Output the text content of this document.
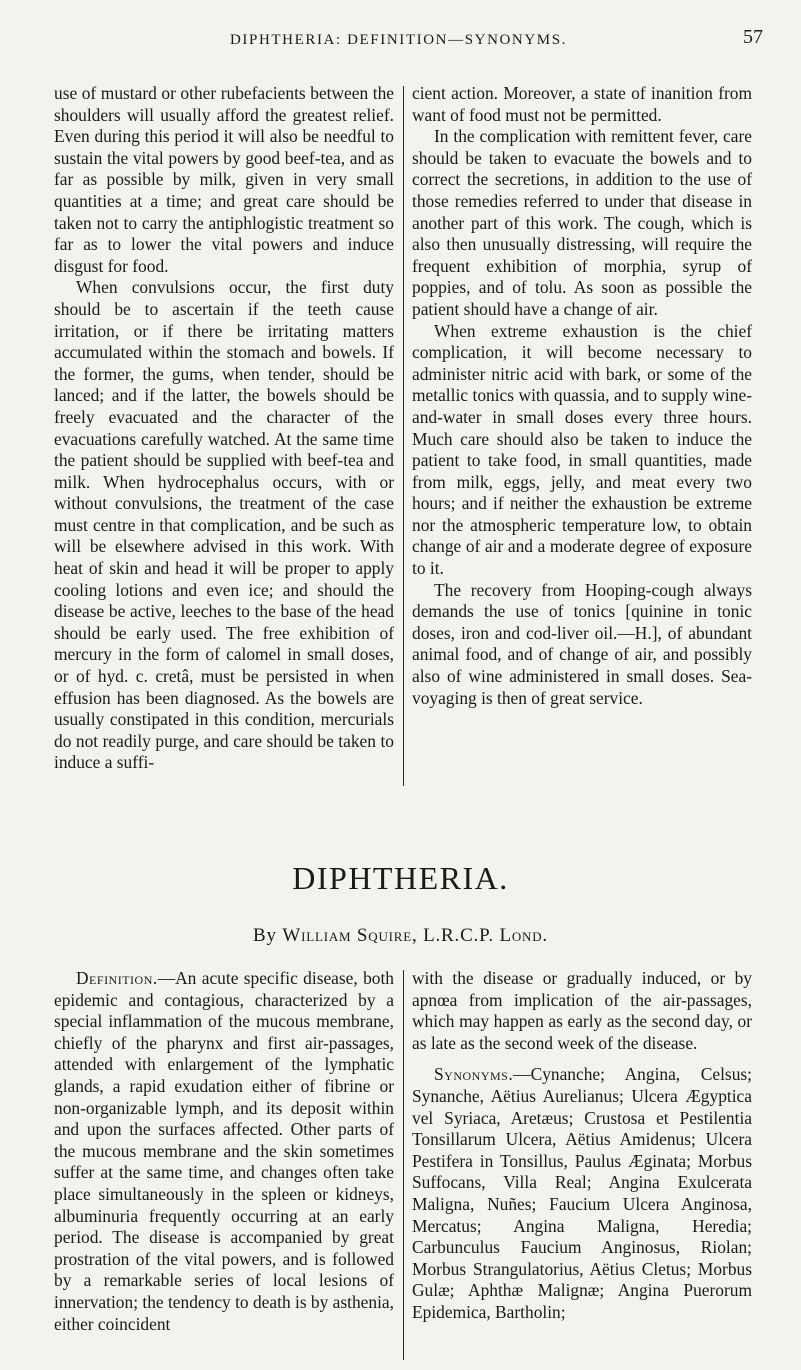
DIPHTHERIA: DEFINITION—SYNONYMS.	57

use of mustard or other rubefacients between the shoulders will usually afford the greatest relief. Even during this period it will also be needful to sustain the vital powers by good beef-tea, and as far as possible by milk, given in very small quantities at a time; and great care should be taken not to carry the antiphlogistic treatment so far as to lower the vital powers and induce disgust for food.

When convulsions occur, the first duty should be to ascertain if the teeth cause irritation, or if there be irritating matters accumulated within the stomach and bowels. If the former, the gums, when tender, should be lanced; and if the latter, the bowels should be freely evacuated and the character of the evacuations carefully watched. At the same time the patient should be supplied with beef-tea and milk. When hydrocephalus occurs, with or without convulsions, the treatment of the case must centre in that complication, and be such as will be elsewhere advised in this work. With heat of skin and head it will be proper to apply cooling lotions and even ice; and should the disease be active, leeches to the base of the head should be early used. The free exhibition of mercury in the form of calomel in small doses, or of hyd. c. cretâ, must be persisted in when effusion has been diagnosed. As the bowels are usually constipated in this condition, mercurials do not readily purge, and care should be taken to induce a suffi-

cient action. Moreover, a state of inanition from want of food must not be permitted.

In the complication with remittent fever, care should be taken to evacuate the bowels and to correct the secretions, in addition to the use of those remedies referred to under that disease in another part of this work. The cough, which is also then unusually distressing, will require the frequent exhibition of morphia, syrup of poppies, and of tolu. As soon as possible the patient should have a change of air.

When extreme exhaustion is the chief complication, it will become necessary to administer nitric acid with bark, or some of the metallic tonics with quassia, and to supply wine-and-water in small doses every three hours. Much care should also be taken to induce the patient to take food, in small quantities, made from milk, eggs, jelly, and meat every two hours; and if neither the exhaustion be extreme nor the atmospheric temperature low, to obtain change of air and a moderate degree of exposure to it.

The recovery from Hooping-cough always demands the use of tonics [quinine in tonic doses, iron and cod-liver oil.—H.], of abundant animal food, and of change of air, and possibly also of wine administered in small doses. Sea-voyaging is then of great service.

DIPHTHERIA.
By William Squire, L.R.C.P. Lond.

Definition.—An acute specific disease, both epidemic and contagious, characterized by a special inflammation of the mucous membrane, chiefly of the pharynx and first air-passages, attended with enlargement of the lymphatic glands, a rapid exudation either of fibrine or non-organizable lymph, and its deposit within and upon the surfaces affected. Other parts of the mucous membrane and the skin sometimes suffer at the same time, and changes often take place simultaneously in the spleen or kidneys, albuminuria frequently occurring at an early period. The disease is accompanied by great prostration of the vital powers, and is followed by a remarkable series of local lesions of innervation; the tendency to death is by asthenia, either coincident

with the disease or gradually induced, or by apnœa from implication of the air-passages, which may happen as early as the second day, or as late as the second week of the disease.

Synonyms.—Cynanche; Angina, Celsus; Synanche, Aëtius Aurelianus; Ulcera Ægyptica vel Syriaca, Aretæus; Crustosa et Pestilentia Tonsillarum Ulcera, Aëtius Amidenus; Ulcera Pestifera in Tonsillus, Paulus Æginata; Morbus Suffocans, Villa Real; Angina Exulcerata Maligna, Nuñes; Faucium Ulcera Anginosa, Mercatus; Angina Maligna, Heredia; Carbunculus Faucium Anginosus, Riolan; Morbus Strangulatorius, Aëtius Cletus; Morbus Gulæ; Aphthæ Malignæ; Angina Puerorum Epidemica, Bartholin;
